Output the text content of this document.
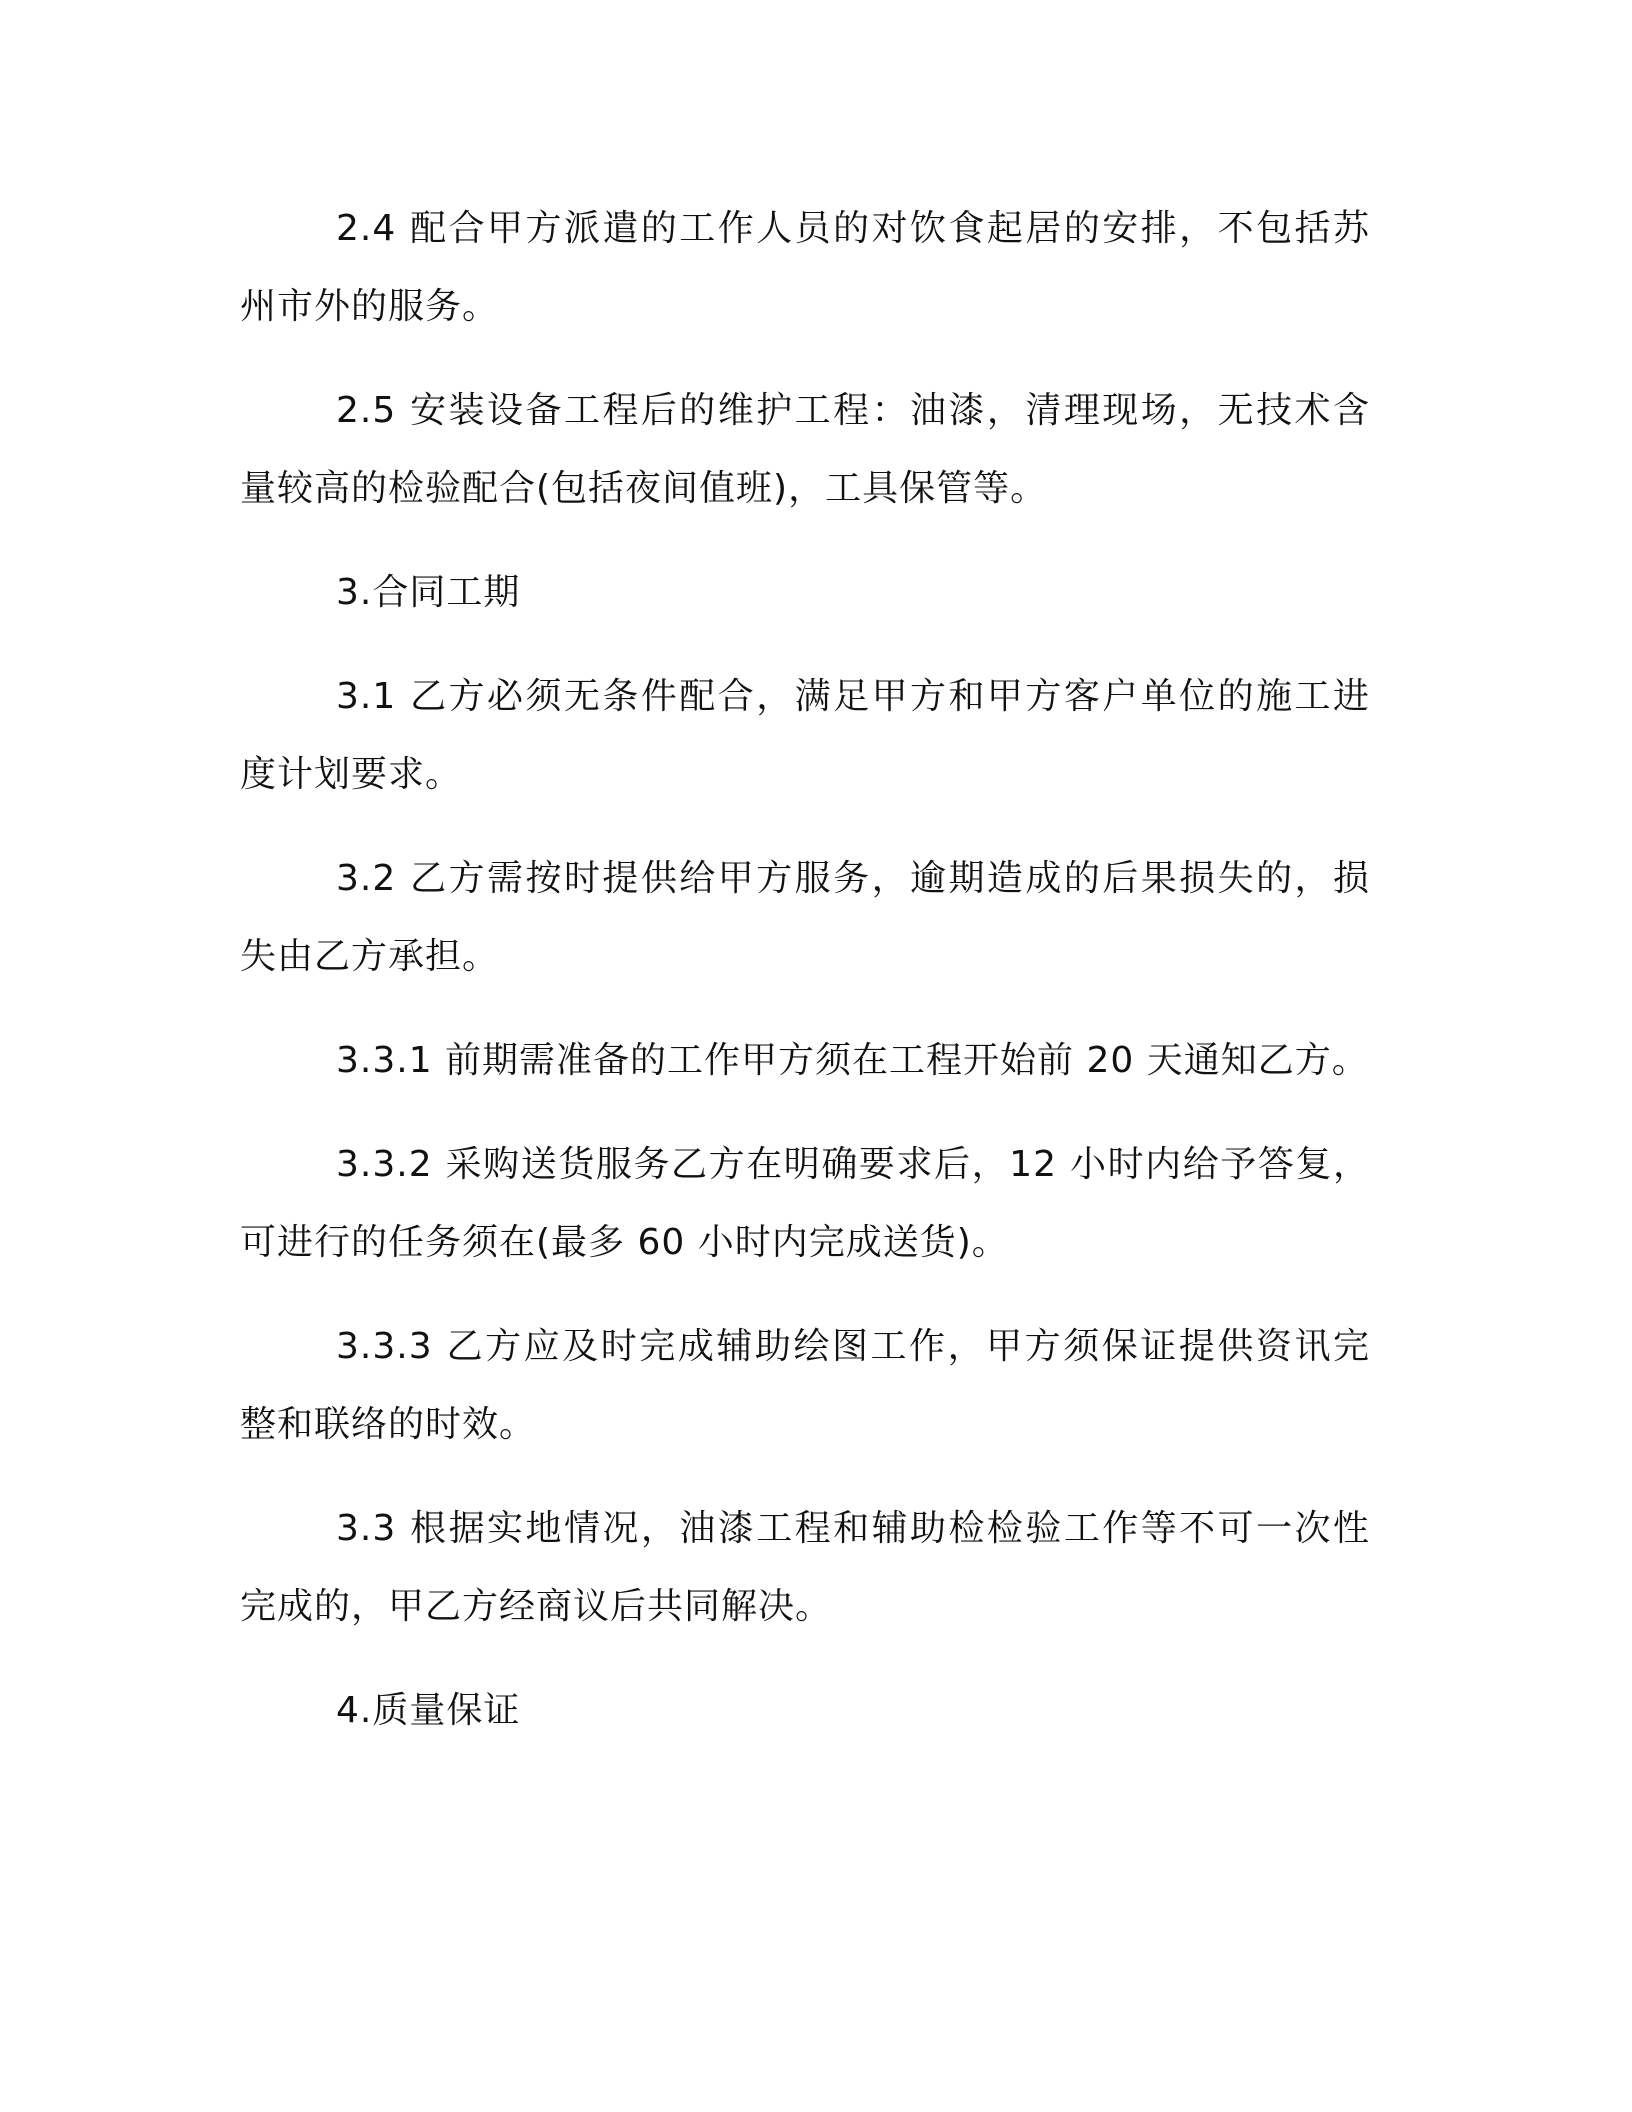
2.4 配合甲方派遣的工作人员的对饮食起居的安排，不包括苏州市外的服务。

2.5 安装设备工程后的维护工程：油漆，清理现场，无技术含量较高的检验配合(包括夜间值班)，工具保管等。

3.合同工期

3.1 乙方必须无条件配合，满足甲方和甲方客户单位的施工进度计划要求。

3.2 乙方需按时提供给甲方服务，逾期造成的后果损失的，损失由乙方承担。

3.3.1 前期需准备的工作甲方须在工程开始前 20 天通知乙方。

3.3.2 采购送货服务乙方在明确要求后，12 小时内给予答复，可进行的任务须在(最多 60 小时内完成送货)。

3.3.3 乙方应及时完成辅助绘图工作，甲方须保证提供资讯完整和联络的时效。

3.3 根据实地情况，油漆工程和辅助检检验工作等不可一次性完成的，甲乙方经商议后共同解决。

4.质量保证
